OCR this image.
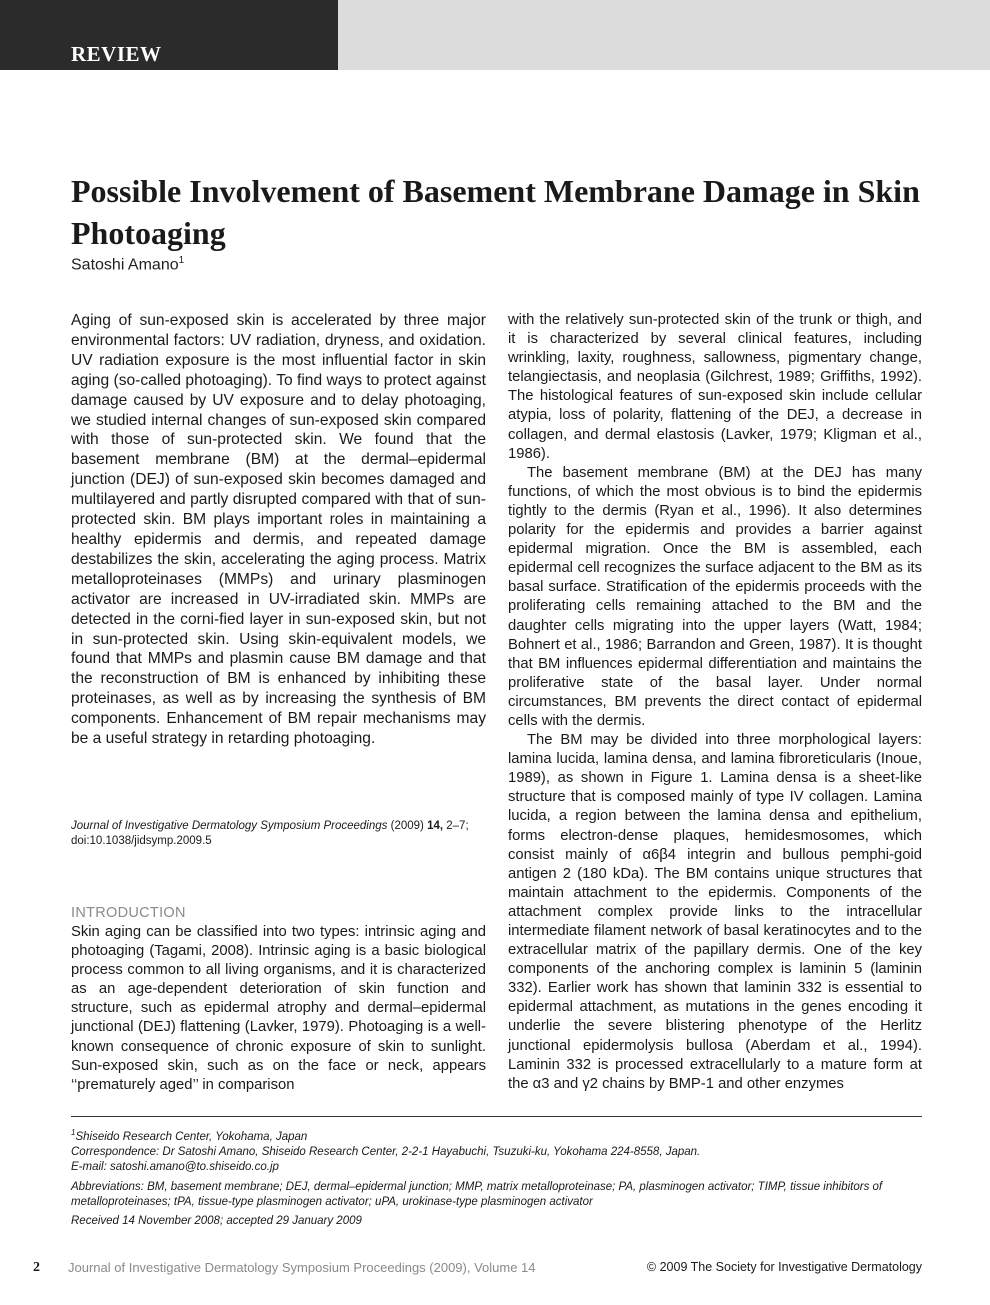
REVIEW
Possible Involvement of Basement Membrane Damage in Skin Photoaging
Satoshi Amano$^1$

Aging of sun-exposed skin is accelerated by three major environmental factors: UV radiation, dryness, and oxidation. UV radiation exposure is the most influential factor in skin aging (so-called photoaging). To find ways to protect against damage caused by UV exposure and to delay photoaging, we studied internal changes of sun-exposed skin compared with those of sun-protected skin. We found that the basement membrane (BM) at the dermal–epidermal junction (DEJ) of sun-exposed skin becomes damaged and multilayered and partly disrupted compared with that of sun-protected skin. BM plays important roles in maintaining a healthy epidermis and dermis, and repeated damage destabilizes the skin, accelerating the aging process. Matrix metalloproteinases (MMPs) and urinary plasminogen activator are increased in UV-irradiated skin. MMPs are detected in the corni-fied layer in sun-exposed skin, but not in sun-protected skin. Using skin-equivalent models, we found that MMPs and plasmin cause BM damage and that the reconstruction of BM is enhanced by inhibiting these proteinases, as well as by increasing the synthesis of BM components. Enhancement of BM repair mechanisms may be a useful strategy in retarding photoaging.

Journal of Investigative Dermatology Symposium Proceedings (2009) 14, 2–7;
doi:10.1038/jidsymp.2009.5
INTRODUCTION

Skin aging can be classified into two types: intrinsic aging and photoaging (Tagami, 2008). Intrinsic aging is a basic biological process common to all living organisms, and it is characterized as an age-dependent deterioration of skin function and structure, such as epidermal atrophy and dermal–epidermal junctional (DEJ) flattening (Lavker, 1979). Photoaging is a well-known consequence of chronic exposure of skin to sunlight. Sun-exposed skin, such as on the face or neck, appears ‘‘prematurely aged’’ in comparison

with the relatively sun-protected skin of the trunk or thigh, and it is characterized by several clinical features, including wrinkling, laxity, roughness, sallowness, pigmentary change, telangiectasis, and neoplasia (Gilchrest, 1989; Griffiths, 1992). The histological features of sun-exposed skin include cellular atypia, loss of polarity, flattening of the DEJ, a decrease in collagen, and dermal elastosis (Lavker, 1979; Kligman et al., 1986).

The basement membrane (BM) at the DEJ has many functions, of which the most obvious is to bind the epidermis tightly to the dermis (Ryan et al., 1996). It also determines polarity for the epidermis and provides a barrier against epidermal migration. Once the BM is assembled, each epidermal cell recognizes the surface adjacent to the BM as its basal surface. Stratification of the epidermis proceeds with the proliferating cells remaining attached to the BM and the daughter cells migrating into the upper layers (Watt, 1984; Bohnert et al., 1986; Barrandon and Green, 1987). It is thought that BM influences epidermal differentiation and maintains the proliferative state of the basal layer. Under normal circumstances, BM prevents the direct contact of epidermal cells with the dermis.

The BM may be divided into three morphological layers: lamina lucida, lamina densa, and lamina fibroreticularis (Inoue, 1989), as shown in Figure 1. Lamina densa is a sheet-like structure that is composed mainly of type IV collagen. Lamina lucida, a region between the lamina densa and epithelium, forms electron-dense plaques, hemidesmosomes, which consist mainly of α6β4 integrin and bullous pemphi-goid antigen 2 (180 kDa). The BM contains unique structures that maintain attachment to the epidermis. Components of the attachment complex provide links to the intracellular intermediate filament network of basal keratinocytes and to the extracellular matrix of the papillary dermis. One of the key components of the anchoring complex is laminin 5 (laminin 332). Earlier work has shown that laminin 332 is essential to epidermal attachment, as mutations in the genes encoding it underlie the severe blistering phenotype of the Herlitz junctional epidermolysis bullosa (Aberdam et al., 1994). Laminin 332 is processed extracellularly to a mature form at the α3 and γ2 chains by BMP-1 and other enzymes

$^1$Shiseido Research Center, Yokohama, Japan
Correspondence: Dr Satoshi Amano, Shiseido Research Center, 2-2-1 Hayabuchi, Tsuzuki-ku, Yokohama 224-8558, Japan.
E-mail: satoshi.amano@to.shiseido.co.jp
Abbreviations: BM, basement membrane; DEJ, dermal–epidermal junction; MMP, matrix metalloproteinase; PA, plasminogen activator; TIMP, tissue inhibitors of metalloproteinases; tPA, tissue-type plasminogen activator; uPA, urokinase-type plasminogen activator
Received 14 November 2008; accepted 29 January 2009
2 Journal of Investigative Dermatology Symposium Proceedings (2009), Volume 14	© 2009 The Society for Investigative Dermatology
